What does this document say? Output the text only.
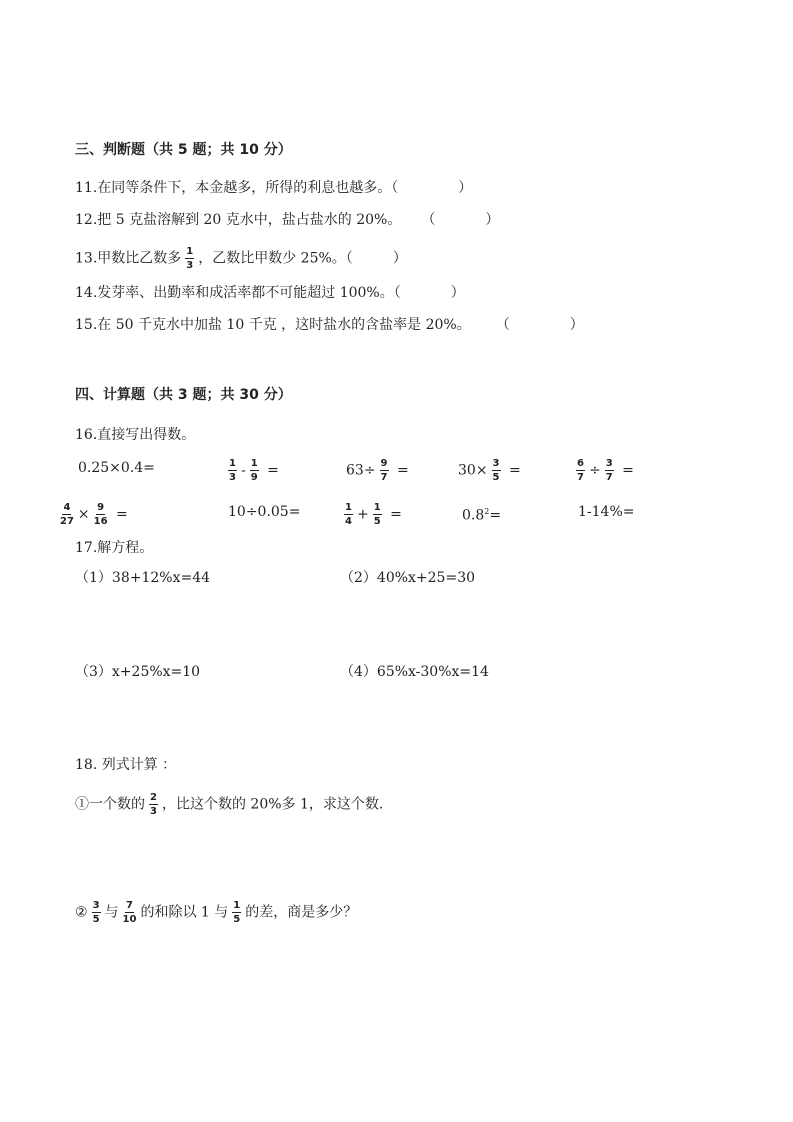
三、判断题（共 5 题；共 10 分）
11.在同等条件下，本金越多，所得的利息也越多。（	）
12.把 5 克盐溶解到 20 克水中，盐占盐水的 20%。 （	）
13.甲数比乙数多 $\frac{1}{3}$ ，乙数比甲数少 25%。（	）
14.发芽率、出勤率和成活率都不可能超过 100%。（	）
15.在 50 千克水中加盐 10 千克 ，这时盐水的含盐率是 20%。 （	）
四、计算题（共 3 题；共 30 分）
16.直接写出得数。
0.25×0.4=	$\frac{1}{3} - \frac{1}{9}$ =	$63\div \frac{9}{7}$ =	$30\times \frac{3}{5}$ =	$\frac{6}{7} \div \frac{3}{7}$ =
$\frac{4}{27} \times \frac{9}{16}$ =	10÷0.05=	$\frac{1}{4} + \frac{1}{5}$ =	$0.8^2=$	1-14%=
17.解方程。
（1）38+12%x=44	（2）40%x+25=30
（3）x+25%x=10	（4）65%x-30%x=14
18. 列式计算 ：
①一个数的 $\frac{2}{3}$ ，比这个数的 20%多 1，求这个数.
② $\frac{3}{5}$ 与 $\frac{7}{10}$ 的和除以 1 与 $\frac{1}{5}$ 的差，商是多少？
